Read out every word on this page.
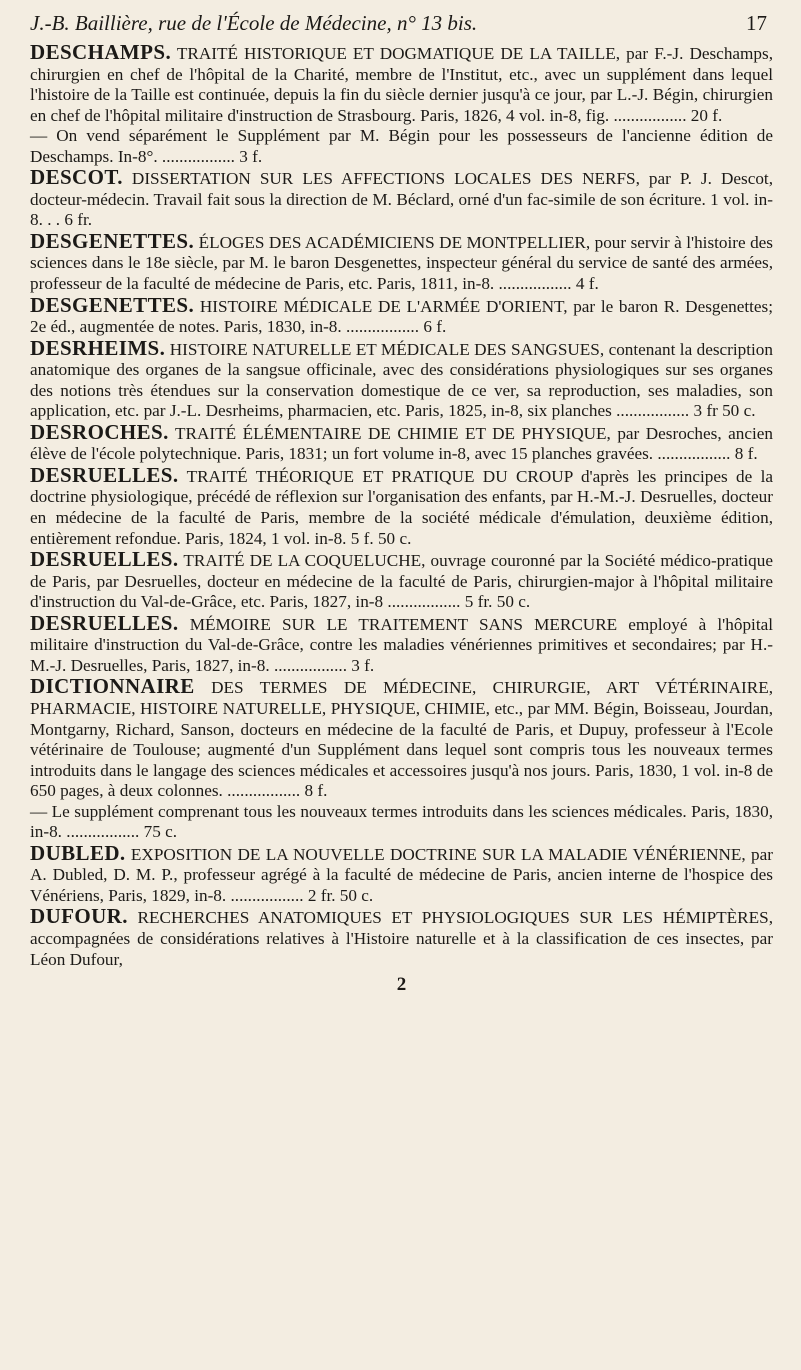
J.-B. Baillière, rue de l'École de Médecine, n° 13 bis.	17

DESCHAMPS. TRAITÉ HISTORIQUE ET DOGMATIQUE DE LA TAILLE, par F.-J. Deschamps, chirurgien en chef de l'hôpital de la Charité, membre de l'Institut, etc., avec un supplément dans lequel l'histoire de la Taille est continuée, depuis la fin du siècle dernier jusqu'à ce jour, par L.-J. Bégin, chirurgien en chef de l'hôpital militaire d'instruction de Strasbourg. Paris, 1826, 4 vol. in-8, fig. ................. 20 f.
— On vend séparément le Supplément par M. Bégin pour les possesseurs de l'ancienne édition de Deschamps. In-8°. ................. 3 f.

DESCOT. DISSERTATION SUR LES AFFECTIONS LOCALES DES NERFS, par P. J. Descot, docteur-médecin. Travail fait sous la direction de M. Béclard, orné d'un fac-simile de son écriture. 1 vol. in-8. . . 6 fr.

DESGENETTES. ÉLOGES DES ACADÉMICIENS DE MONTPELLIER, pour servir à l'histoire des sciences dans le 18e siècle, par M. le baron Desgenettes, inspecteur général du service de santé des armées, professeur de la faculté de médecine de Paris, etc. Paris, 1811, in-8. ................. 4 f.

DESGENETTES. HISTOIRE MÉDICALE DE L'ARMÉE D'ORIENT, par le baron R. Desgenettes; 2e éd., augmentée de notes. Paris, 1830, in-8. ................. 6 f.

DESRHEIMS. HISTOIRE NATURELLE ET MÉDICALE DES SANGSUES, contenant la description anatomique des organes de la sangsue officinale, avec des considérations physiologiques sur ses organes des notions très étendues sur la conservation domestique de ce ver, sa reproduction, ses maladies, son application, etc. par J.-L. Desrheims, pharmacien, etc. Paris, 1825, in-8, six planches ................. 3 fr 50 c.

DESROCHES. TRAITÉ ÉLÉMENTAIRE DE CHIMIE ET DE PHYSIQUE, par Desroches, ancien élève de l'école polytechnique. Paris, 1831; un fort volume in-8, avec 15 planches gravées. ................. 8 f.

DESRUELLES. TRAITÉ THÉORIQUE ET PRATIQUE DU CROUP d'après les principes de la doctrine physiologique, précédé de réflexion sur l'organisation des enfants, par H.-M.-J. Desruelles, docteur en médecine de la faculté de Paris, membre de la société médicale d'émulation, deuxième édition, entièrement refondue. Paris, 1824, 1 vol. in-8. 5 f. 50 c.

DESRUELLES. TRAITÉ DE LA COQUELUCHE, ouvrage couronné par la Société médico-pratique de Paris, par Desruelles, docteur en médecine de la faculté de Paris, chirurgien-major à l'hôpital militaire d'instruction du Val-de-Grâce, etc. Paris, 1827, in-8 ................. 5 fr. 50 c.

DESRUELLES. MÉMOIRE SUR LE TRAITEMENT SANS MERCURE employé à l'hôpital militaire d'instruction du Val-de-Grâce, contre les maladies vénériennes primitives et secondaires; par H.-M.-J. Desruelles, Paris, 1827, in-8. ................. 3 f.

DICTIONNAIRE DES TERMES DE MÉDECINE, CHIRURGIE, ART VÉTÉRINAIRE, PHARMACIE, HISTOIRE NATURELLE, PHYSIQUE, CHIMIE, etc., par MM. Bégin, Boisseau, Jourdan, Montgarny, Richard, Sanson, docteurs en médecine de la faculté de Paris, et Dupuy, professeur à l'Ecole vétérinaire de Toulouse; augmenté d'un Supplément dans lequel sont compris tous les nouveaux termes introduits dans le langage des sciences médicales et accessoires jusqu'à nos jours. Paris, 1830, 1 vol. in-8 de 650 pages, à deux colonnes. ................. 8 f.
— Le supplément comprenant tous les nouveaux termes introduits dans les sciences médicales. Paris, 1830, in-8. ................. 75 c.

DUBLED. EXPOSITION DE LA NOUVELLE DOCTRINE SUR LA MALADIE VÉNÉRIENNE, par A. Dubled, D. M. P., professeur agrégé à la faculté de médecine de Paris, ancien interne de l'hospice des Vénériens, Paris, 1829, in-8. ................. 2 fr. 50 c.

DUFOUR. RECHERCHES ANATOMIQUES ET PHYSIOLOGIQUES SUR LES HÉMIPTÈRES, accompagnées de considérations relatives à l'Histoire naturelle et à la classification de ces insectes, par Léon Dufour,

2
